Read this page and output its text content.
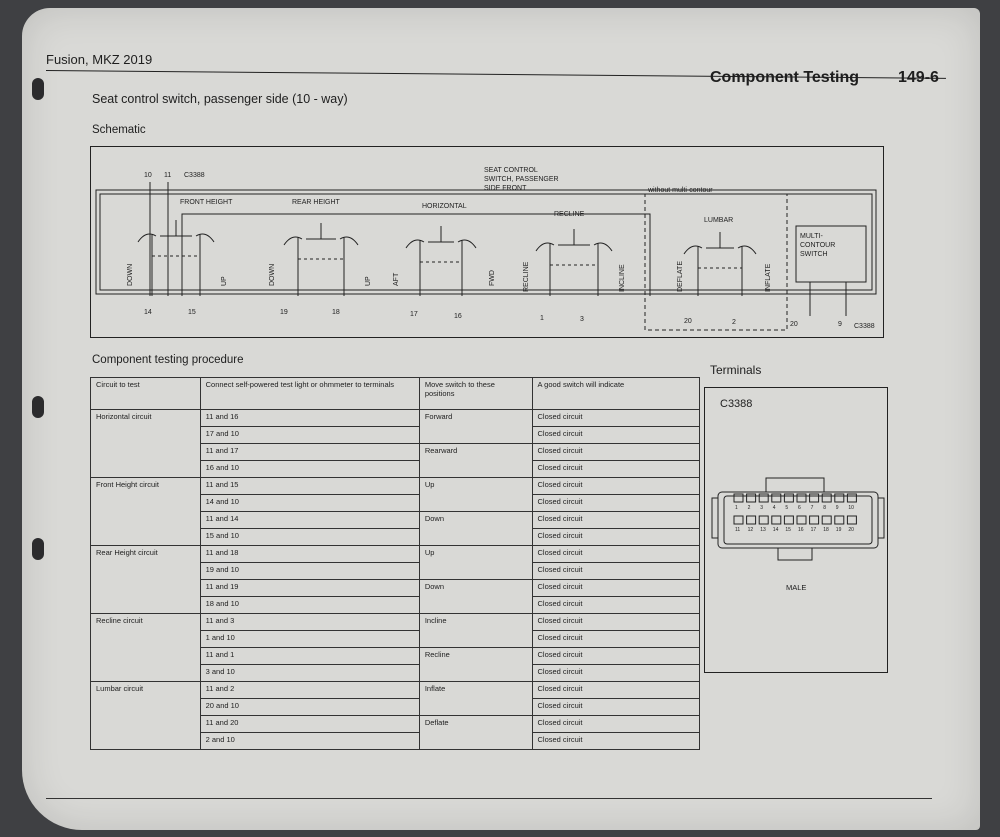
Fusion, MKZ 2019
Component Testing 149-6
Seat control switch, passenger side (10 - way)
Schematic
10 11 C3388
SEAT CONTROL
SWITCH, PASSENGER
SIDE FRONT	without multi-contour
FRONT HEIGHT	REAR HEIGHT
HORIZONTAL
RECLINE
LUMBAR
DOWN	UP	DOWN	UP	AFT	FWD	RECLINE	INCLINE	DEFLATE	INFLATE
14	15	19	18	17	16	1	3	20	2	20	9 C3388
MULTI-
CONTOUR
SWITCH
Component testing procedure
Circuit to test	Connect self-powered test light or ohmmeter to terminals	Move switch to these positions	A good switch will indicate
Horizontal circuit	11 and 16	Forward	Closed circuit
	17 and 10		Closed circuit
	11 and 17	Rearward	Closed circuit
	16 and 10		Closed circuit
Front Height circuit	11 and 15	Up	Closed circuit
	14 and 10		Closed circuit
	11 and 14	Down	Closed circuit
	15 and 10		Closed circuit
Rear Height circuit	11 and 18	Up	Closed circuit
	19 and 10		Closed circuit
	11 and 19	Down	Closed circuit
	18 and 10		Closed circuit
Recline circuit	11 and 3	Incline	Closed circuit
	1 and 10		Closed circuit
	11 and 1	Recline	Closed circuit
	3 and 10		Closed circuit
Lumbar circuit	11 and 2	Inflate	Closed circuit
	20 and 10		Closed circuit
	11 and 20	Deflate	Closed circuit
	2 and 10		Closed circuit
Terminals
C3388
1 2 3 4 5 6 7 8 9 10
11 12 13 14 15 16 17 18 19 20
MALE
